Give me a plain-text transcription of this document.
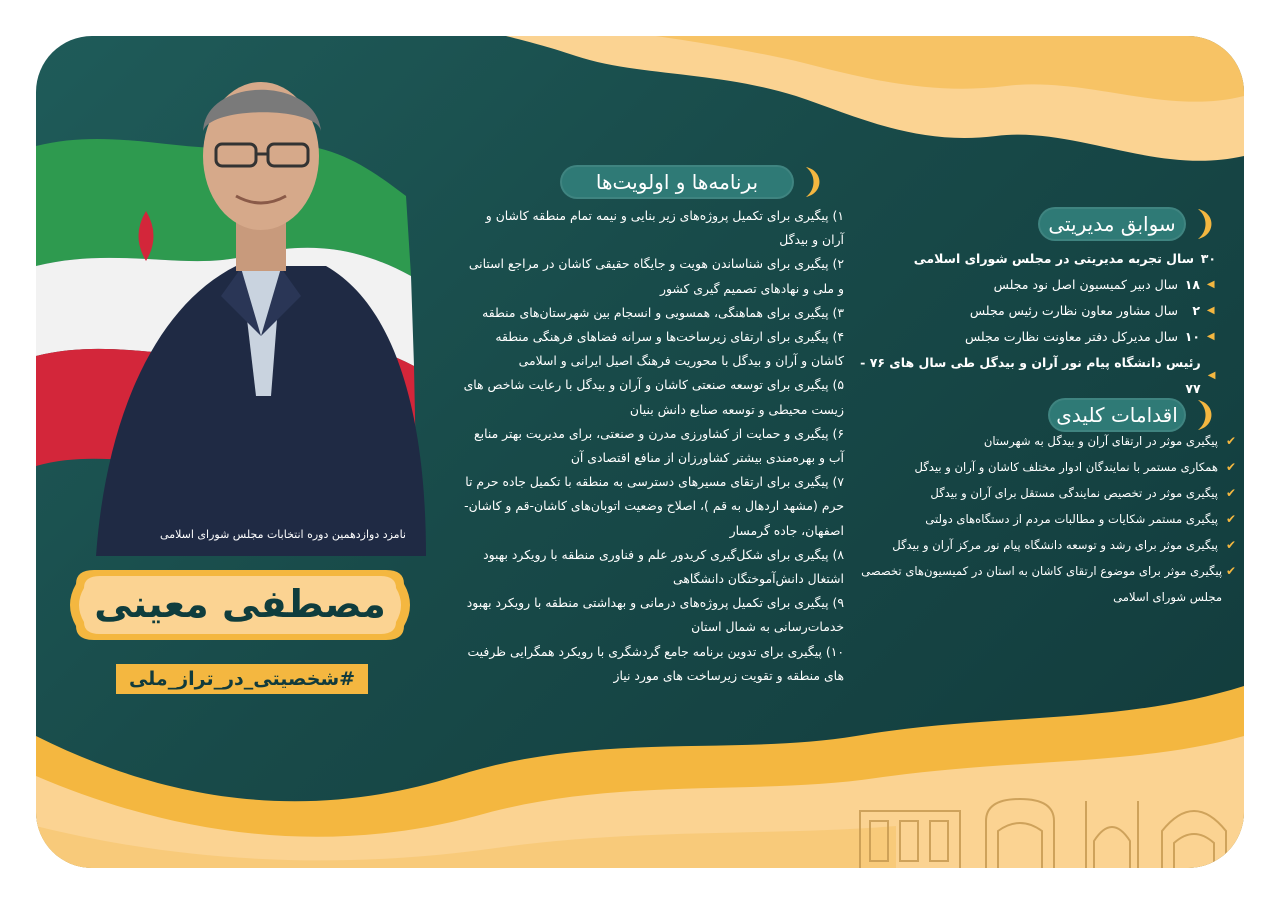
نامزد دوازدهمین دوره انتخابات مجلس شورای اسلامی
مصطفی معینی
#شخصیتی_در_تراز_ملی
برنامه‌ها و اولویت‌ها

۱) پیگیری برای تکمیل پروژه‌های زیر بنایی و نیمه تمام منطقه کاشان و آران و بیدگل

۲) پیگیری برای شناساندن هویت و جایگاه حقیقی کاشان در مراجع استانی و ملی و نهادهای تصمیم گیری کشور

۳) پیگیری برای هماهنگی، همسویی و انسجام بین شهرستان‌های منطقه

۴) پیگیری برای ارتقای زیرساخت‌ها و سرانه فضاهای فرهنگی منطقه کاشان و آران و بیدگل با محوریت فرهنگ اصیل ایرانی و اسلامی

۵) پیگیری برای توسعه صنعتی کاشان و آران و بیدگل با رعایت شاخص های زیست محیطی و توسعه صنایع دانش بنیان

۶) پیگیری و حمایت از کشاورزی مدرن و صنعتی، برای مدیریت بهتر منابع آب و بهره‌مندی بیشتر کشاورزان از منافع اقتصادی آن

۷) پیگیری برای ارتقای مسیرهای دسترسی به منطقه با تکمیل جاده حرم تا حرم (مشهد اردهال به قم )، اصلاح وضعیت اتوبان‌های کاشان-قم و کاشان-اصفهان، جاده گرمسار

۸) پیگیری برای شکل‌گیری کریدور علم و فناوری منطقه با رویکرد بهبود اشتغال دانش‌آموختگان دانشگاهی

۹) پیگیری برای تکمیل پروژه‌های درمانی و بهداشتی منطقه با رویکرد بهبود خدمات‌رسانی به شمال استان

۱۰) پیگیری برای تدوین برنامه جامع گردشگری با رویکرد همگرایی ظرفیت های منطقه و تقویت زیرساخت های مورد نیاز

سوابق مدیریتی
۳۰
سال تجربه مدیریتی در مجلس شورای اسلامی
◀
۱۸
سال دبیر کمیسیون اصل نود مجلس
◀
۲
سال مشاور معاون نظارت رئیس مجلس
◀
۱۰
سال مدیرکل دفتر معاونت نظارت مجلس
◀
رئیس دانشگاه پیام نور آران و بیدگل طی سال های ۷۶ - ۷۷
اقدامات کلیدی
✔
پیگیری موثر در ارتقای آران و بیدگل به شهرستان
✔
همکاری مستمر با نمایندگان ادوار مختلف کاشان و آران و بیدگل
✔
پیگیری موثر در تخصیص نمایندگی مستقل برای آران و بیدگل
✔
پیگیری مستمر شکایات و مطالبات مردم از دستگاه‌های دولتی
✔
پیگیری موثر برای رشد و توسعه دانشگاه پیام نور مرکز آران و بیدگل
✔
پیگیری موثر برای موضوع ارتقای کاشان به استان در کمیسیون‌های تخصصی مجلس شورای اسلامی
